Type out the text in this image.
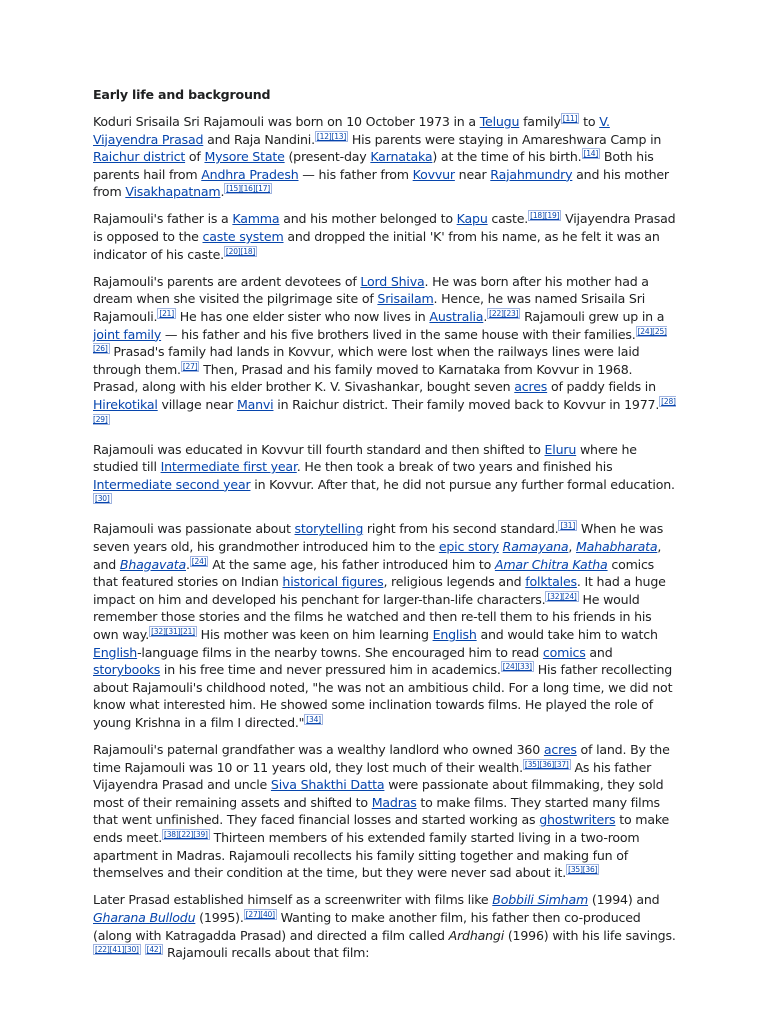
Early life and background

Koduri Srisaila Sri Rajamouli was born on 10 October 1973 in a Telugu family [11] to V. Vijayendra Prasad and Raja Nandini. [12][13] His parents were staying in Amareshwara Camp in Raichur district of Mysore State (present-day Karnataka) at the time of his birth. [14] Both his parents hail from Andhra Pradesh — his father from Kovvur near Rajahmundry and his mother from Visakhapatnam. [15][16][17]

Rajamouli's father is a Kamma and his mother belonged to Kapu caste. [18][19] Vijayendra Prasad is opposed to the caste system and dropped the initial 'K' from his name, as he felt it was an indicator of his caste. [20][18]

Rajamouli's parents are ardent devotees of Lord Shiva. He was born after his mother had a dream when she visited the pilgrimage site of Srisailam. Hence, he was named Srisaila Sri Rajamouli. [21] He has one elder sister who now lives in Australia. [22][23] Rajamouli grew up in a joint family — his father and his five brothers lived in the same house with their families. [24][25][26] Prasad's family had lands in Kovvur, which were lost when the railways lines were laid through them. [27] Then, Prasad and his family moved to Karnataka from Kovvur in 1968. Prasad, along with his elder brother K. V. Sivashankar, bought seven acres of paddy fields in Hirekotikal village near Manvi in Raichur district. Their family moved back to Kovvur in 1977. [28][29]

Rajamouli was educated in Kovvur till fourth standard and then shifted to Eluru where he studied till Intermediate first year. He then took a break of two years and finished his Intermediate second year in Kovvur. After that, he did not pursue any further formal education.[30]

Rajamouli was passionate about storytelling right from his second standard. [31] When he was seven years old, his grandmother introduced him to the epic story Ramayana, Mahabharata, and Bhagavata. [24] At the same age, his father introduced him to Amar Chitra Katha comics that featured stories on Indian historical figures, religious legends and folktales. It had a huge impact on him and developed his penchant for larger-than-life characters. [32][24] He would remember those stories and the films he watched and then re-tell them to his friends in his own way. [32][31][21] His mother was keen on him learning English and would take him to watch English-language films in the nearby towns. She encouraged him to read comics and storybooks in his free time and never pressured him in academics. [24][33] His father recollecting about Rajamouli's childhood noted, "he was not an ambitious child. For a long time, we did not know what interested him. He showed some inclination towards films. He played the role of young Krishna in a film I directed." [34]

Rajamouli's paternal grandfather was a wealthy landlord who owned 360 acres of land. By the time Rajamouli was 10 or 11 years old, they lost much of their wealth. [35][36][37] As his father Vijayendra Prasad and uncle Siva Shakthi Datta were passionate about filmmaking, they sold most of their remaining assets and shifted to Madras to make films. They started many films that went unfinished. They faced financial losses and started working as ghostwriters to make ends meet. [38][22][39] Thirteen members of his extended family started living in a two-room apartment in Madras. Rajamouli recollects his family sitting together and making fun of themselves and their condition at the time, but they were never sad about it. [35][36]

Later Prasad established himself as a screenwriter with films like Bobbili Simham (1994) and Gharana Bullodu (1995). [27][40] Wanting to make another film, his father then co-produced (along with Katragadda Prasad) and directed a film called Ardhangi (1996) with his life savings.[22][41][30] [42] Rajamouli recalls about that film:
